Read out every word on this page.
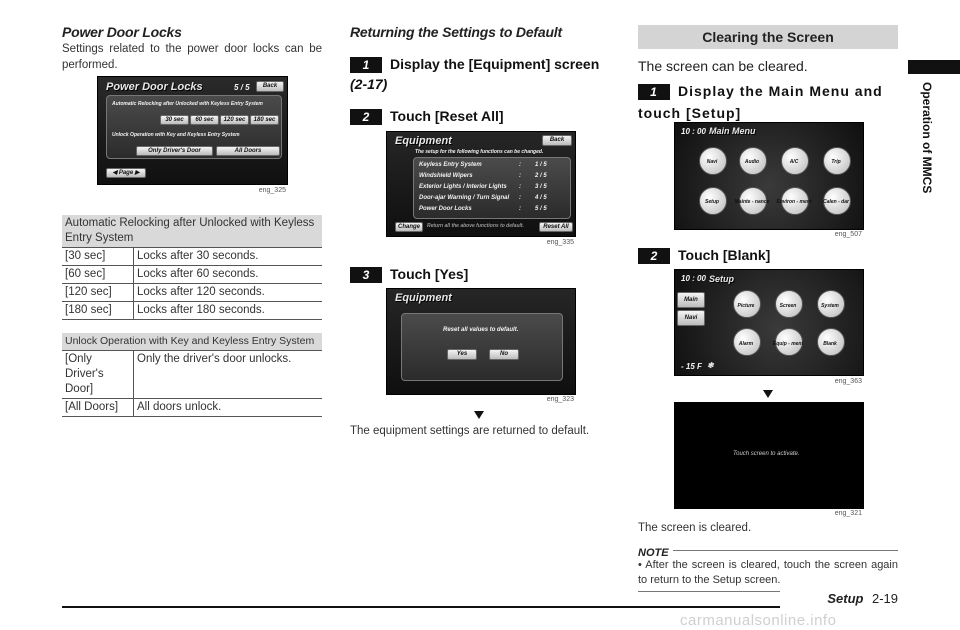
Operation of MMCS
Power Door Locks
Settings related to the power door locks can be performed.
Power Door Locks	5 / 5	Back
Automatic Relocking after Unlocked with Keyless Entry System
Unlock Operation with Key and Keyless Entry System
Only Driver's Door	All Doors
◀ Page ▶
30 sec	60 sec	120 sec	180 sec
eng_325
Automatic Relocking after Unlocked with Keyless Entry System	
[30 sec]	Locks after 30 seconds.
[60 sec]	Locks after 60 seconds.
[120 sec]	Locks after 120 seconds.
[180 sec]	Locks after 180 seconds.
Unlock Operation with Key and Keyless Entry System	
[Only Driver's Door]	Only the driver's door unlocks.
[All Doors]	All doors unlock.
Returning the Settings to Default
1 Display the [Equipment] screen
(2-17)
2 Touch [Reset All]
Equipment	Back
The setup for the following functions can be changed.
Change	Return all the above functions to default.	Reset All
Keyless Entry System	: 1 / 5
Windshield Wipers	: 2 / 5
Exterior Lights / Interior Lights : 3 / 5
Door-ajar Warning / Turn Signal : 4 / 5
Power Door Locks	: 5 / 5
eng_335
3 Touch [Yes]
Equipment
Reset all values to default.
Yes	No
eng_323
The equipment settings are returned to default.
Clearing the Screen
The screen can be cleared.
1 Display the Main Menu and touch [Setup]
10 : 00 Main Menu
Navi	Audio	A/C	Trip
Setup	Mainte - nance	Environ - ment	Calen - dar
eng_507
2 Touch [Blank]
10 : 00 Setup
Main
Navi
- 15 F ❄
Picture	Screen	System
Alarm	Equip - ment	Blank
eng_363
Touch screen to activate.
eng_321
The screen is cleared.
NOTE
• After the screen is cleared, touch the screen again to return to the Setup screen.
Setup 2-19
carmanualsonline.info
